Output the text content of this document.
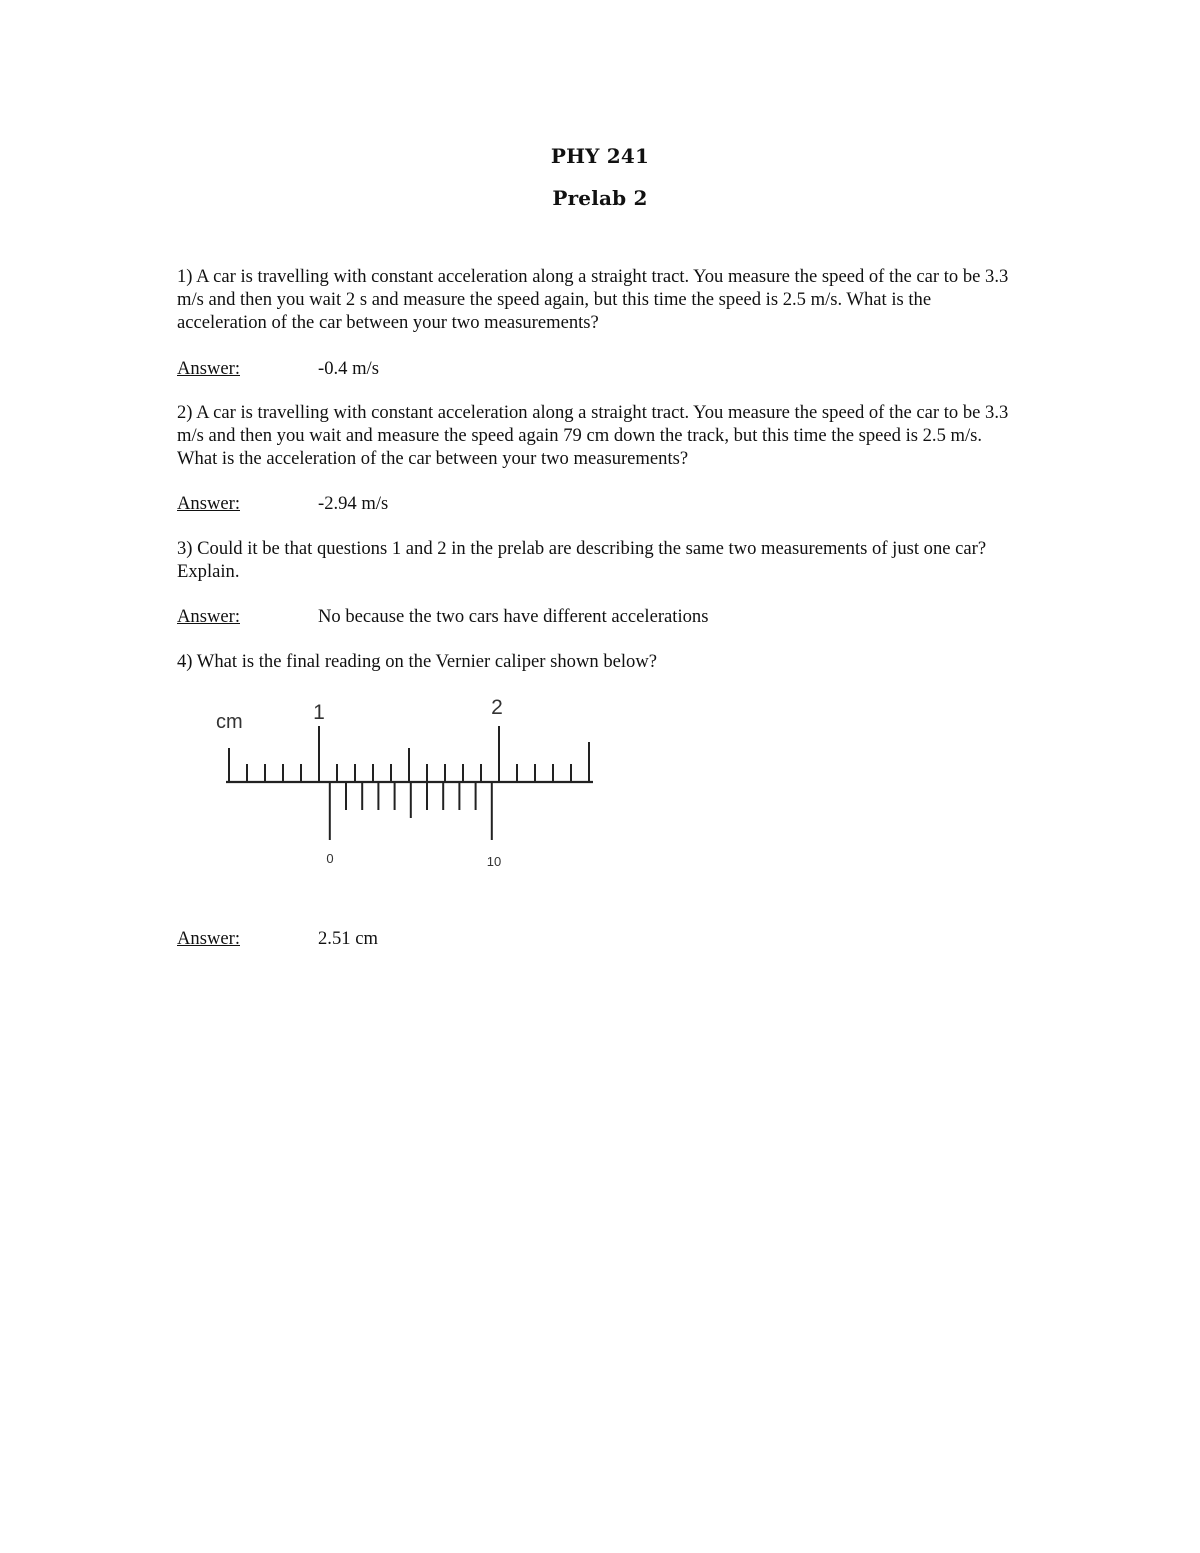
PHY 241
Prelab 2

1) A car is travelling with constant acceleration along a straight tract. You measure the speed of the car to be 3.3 m/s and then you wait 2 s and measure the speed again, but this time the speed is 2.5 m/s. What is the acceleration of the car between your two measurements?

Answer:	-0.4 m/s

2) A car is travelling with constant acceleration along a straight tract. You measure the speed of the car to be 3.3 m/s and then you wait and measure the speed again 79 cm down the track, but this time the speed is 2.5 m/s. What is the acceleration of the car between your two measurements?

Answer:	-2.94 m/s

3) Could it be that questions 1 and 2 in the prelab are describing the same two measurements of just one car? Explain.

Answer:	No because the two cars have different accelerations

4) What is the final reading on the Vernier caliper shown below?

cm	1	2
0	10
Answer:	2.51 cm
